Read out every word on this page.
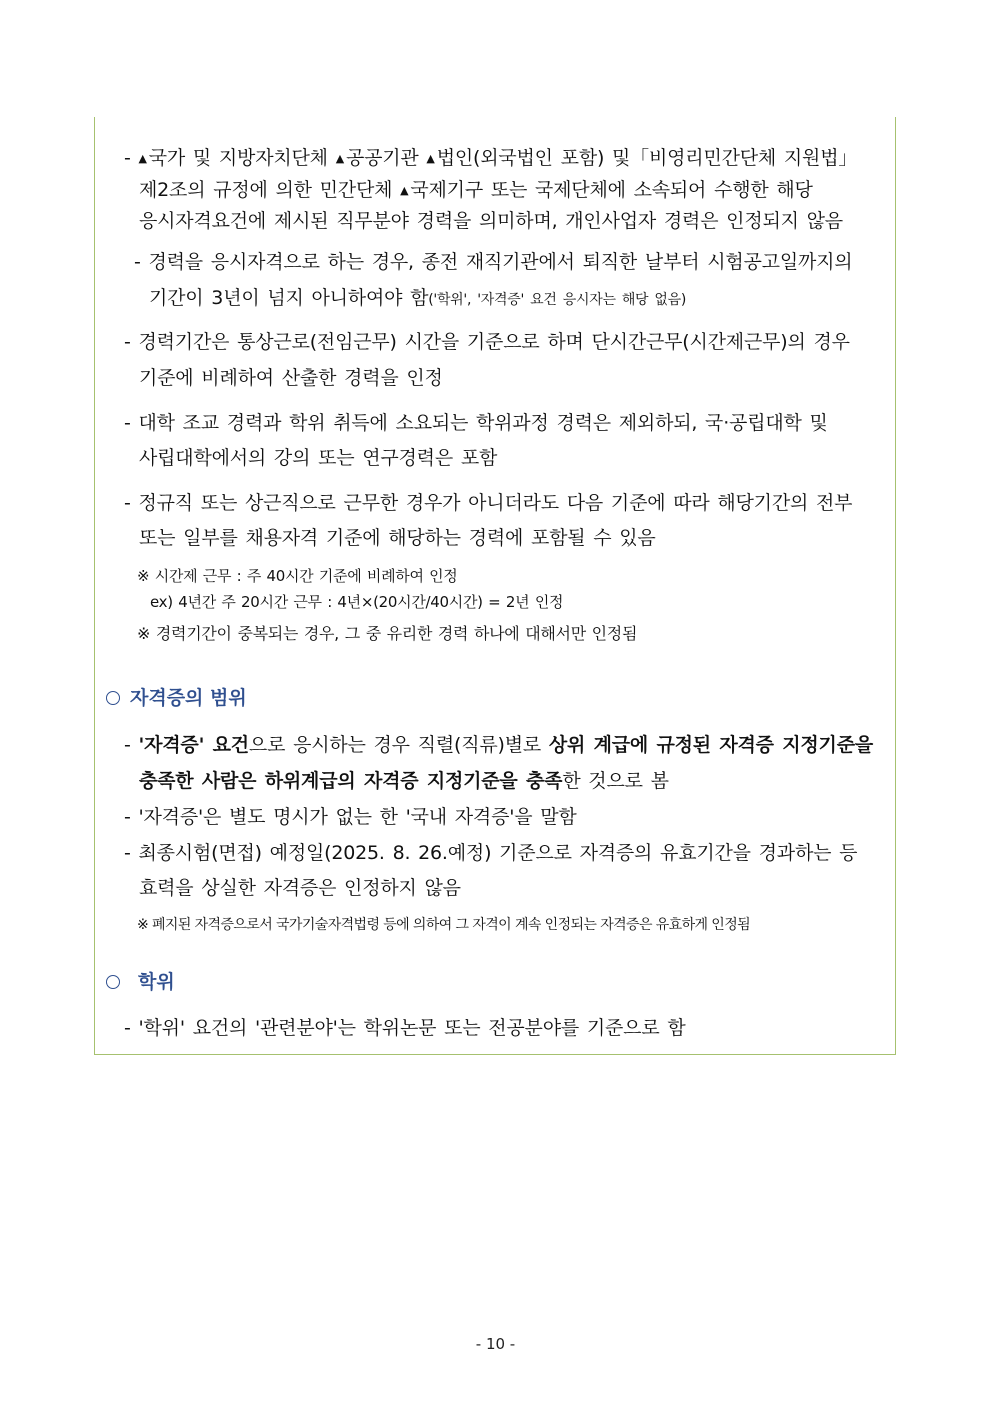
- ▲ 국가 및 지방자치단체 ▲ 공공기관 ▲ 법인(외국법인 포함) 및「비영리민간단체 지원법」
제2조의 규정에 의한 민간단체 ▲ 국제기구 또는 국제단체에 소속되어 수행한 해당
응시자격요건에 제시된 직무분야 경력을 의미하며, 개인사업자 경력은 인정되지 않음
- 경력을 응시자격으로 하는 경우, 종전 재직기관에서 퇴직한 날부터 시험공고일까지의
기간이 3년이 넘지 아니하여야 함('학위', '자격증' 요건 응시자는 해당 없음)
- 경력기간은 통상근로(전임근무) 시간을 기준으로 하며 단시간근무(시간제근무)의 경우
기준에 비례하여 산출한 경력을 인정
- 대학 조교 경력과 학위 취득에 소요되는 학위과정 경력은 제외하되, 국·공립대학 및
사립대학에서의 강의 또는 연구경력은 포함
- 정규직 또는 상근직으로 근무한 경우가 아니더라도 다음 기준에 따라 해당기간의 전부
또는 일부를 채용자격 기준에 해당하는 경력에 포함될 수 있음
※ 시간제 근무 : 주 40시간 기준에 비례하여 인정
ex) 4년간 주 20시간 근무 : 4년×(20시간/40시간) = 2년 인정
※ 경력기간이 중복되는 경우, 그 중 유리한 경력 하나에 대해서만 인정됨
자격증의 범위
- '자격증' 요건으로 응시하는 경우 직렬(직류)별로 상위 계급에 규정된 자격증 지정기준을
충족한 사람은 하위계급의 자격증 지정기준을 충족한 것으로 봄
- '자격증'은 별도 명시가 없는 한 '국내 자격증'을 말함
- 최종시험(면접) 예정일(2025. 8. 26.예정) 기준으로 자격증의 유효기간을 경과하는 등
효력을 상실한 자격증은 인정하지 않음
※ 폐지된 자격증으로서 국가기술자격법령 등에 의하여 그 자격이 계속 인정되는 자격증은 유효하게 인정됨
학위
- '학위' 요건의 '관련분야'는 학위논문 또는 전공분야를 기준으로 함
- 10 -
